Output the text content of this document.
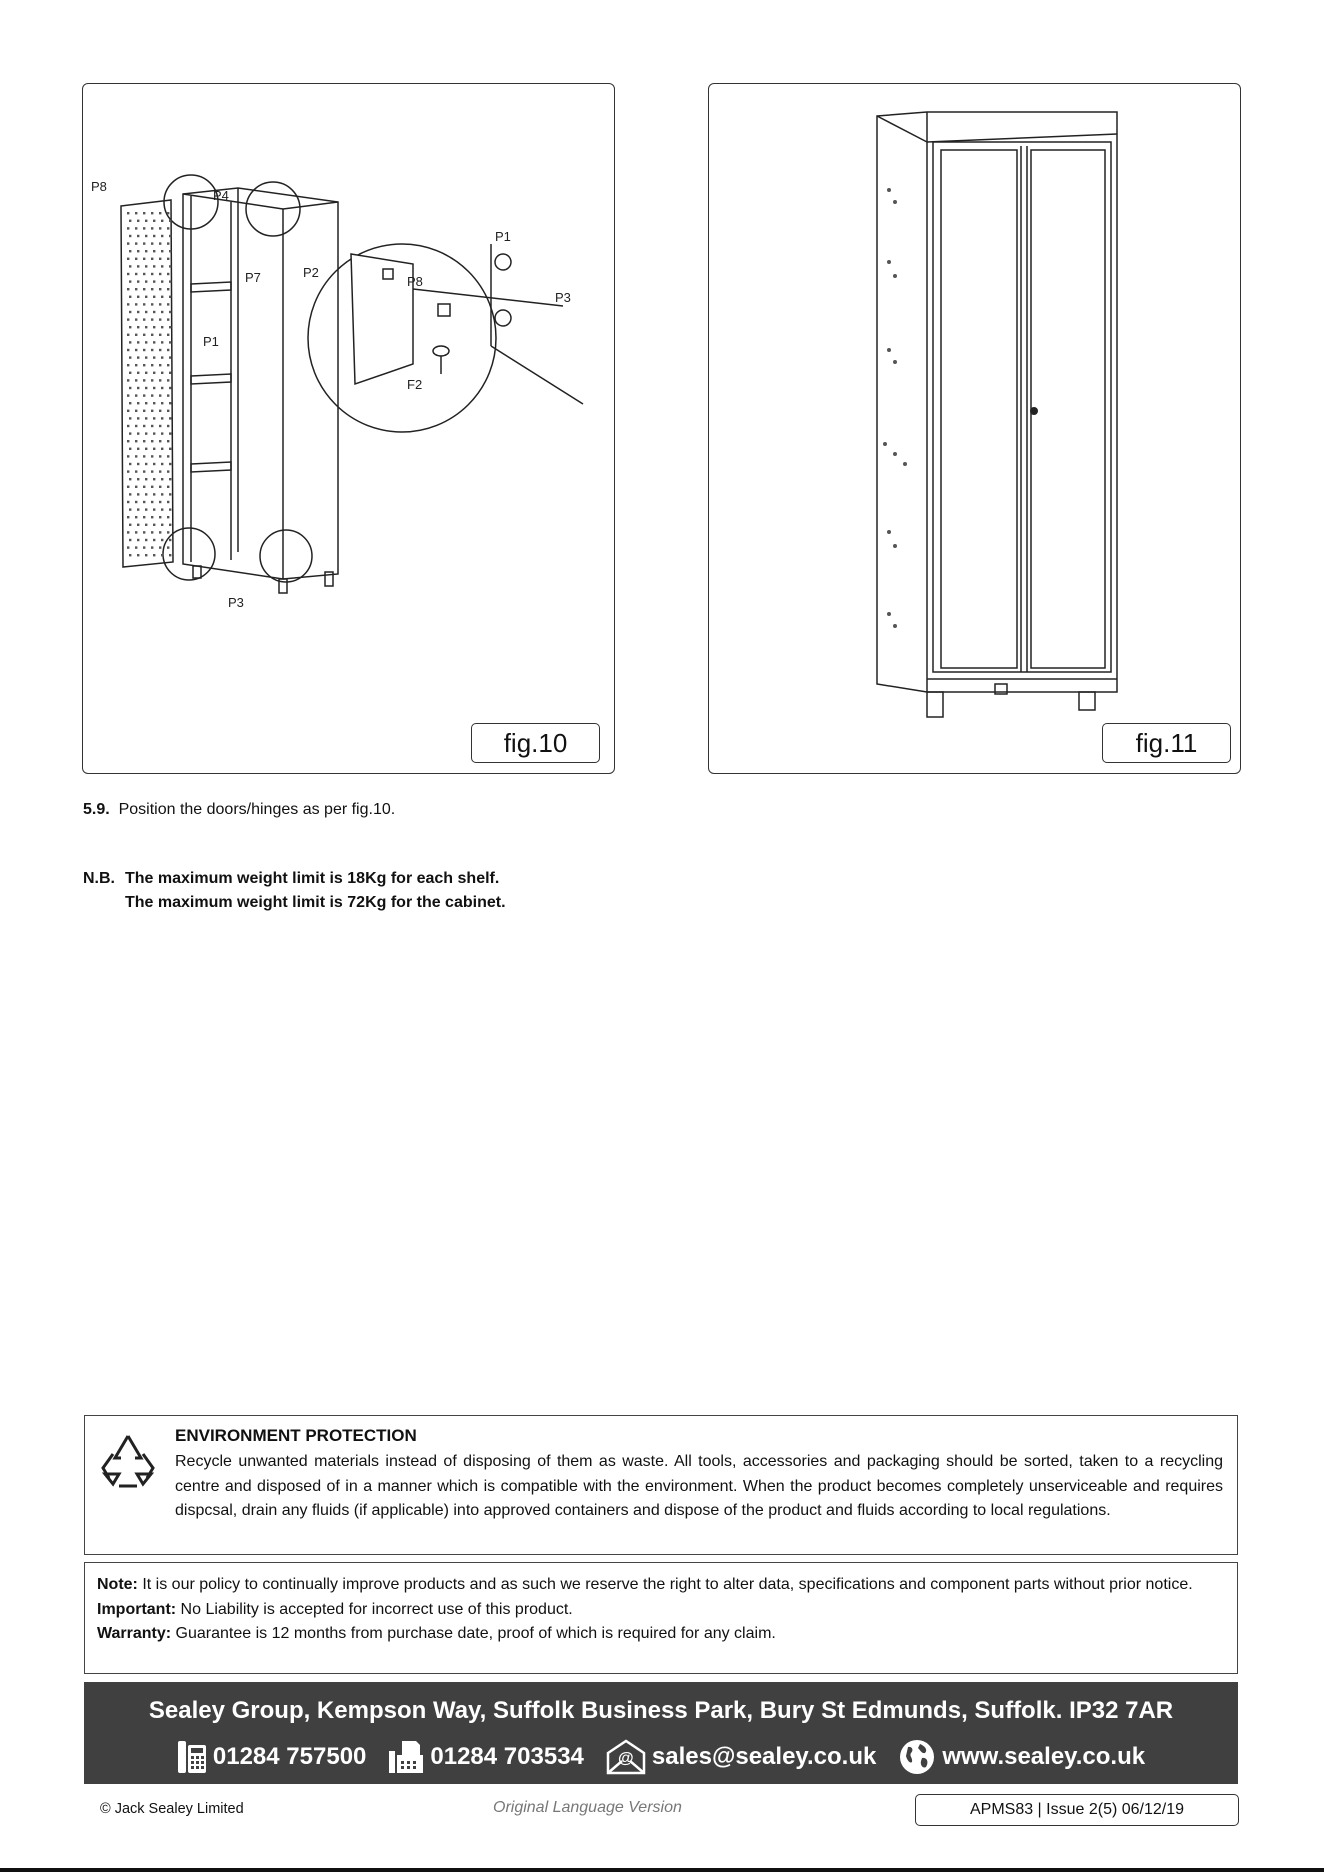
P8
P4
P7	P2
P1
P3
P1
P8
P3
F2
fig.10	fig.11
5.9. Position the doors/hinges as per fig.10.
N.B. The maximum weight limit is 18Kg for each shelf.

The maximum weight limit is 72Kg for the cabinet.
ENVIRONMENT PROTECTION
Recycle unwanted materials instead of disposing of them as waste. All tools, accessories and packaging should be sorted, taken to a recycling centre and disposed of in a manner which is compatible with the environment. When the product becomes completely unserviceable and requires dispcsal, drain any fluids (if applicable) into approved containers and dispose of the product and fluids according to local regulations.

Note: It is our policy to continually improve products and as such we reserve the right to alter data, specifications and component parts without prior notice.

Important: No Liability is accepted for incorrect use of this product.

Warranty: Guarantee is 12 months from purchase date, proof of which is required for any claim.

Sealey Group, Kempson Way, Suffolk Business Park, Bury St Edmunds, Suffolk. IP32 7AR
01284 757500	01284 703534 @ sales@sealey.co.uk	www.sealey.co.uk
© Jack Sealey Limited	Original Language Version	APMS83 | Issue 2(5) 06/12/19
